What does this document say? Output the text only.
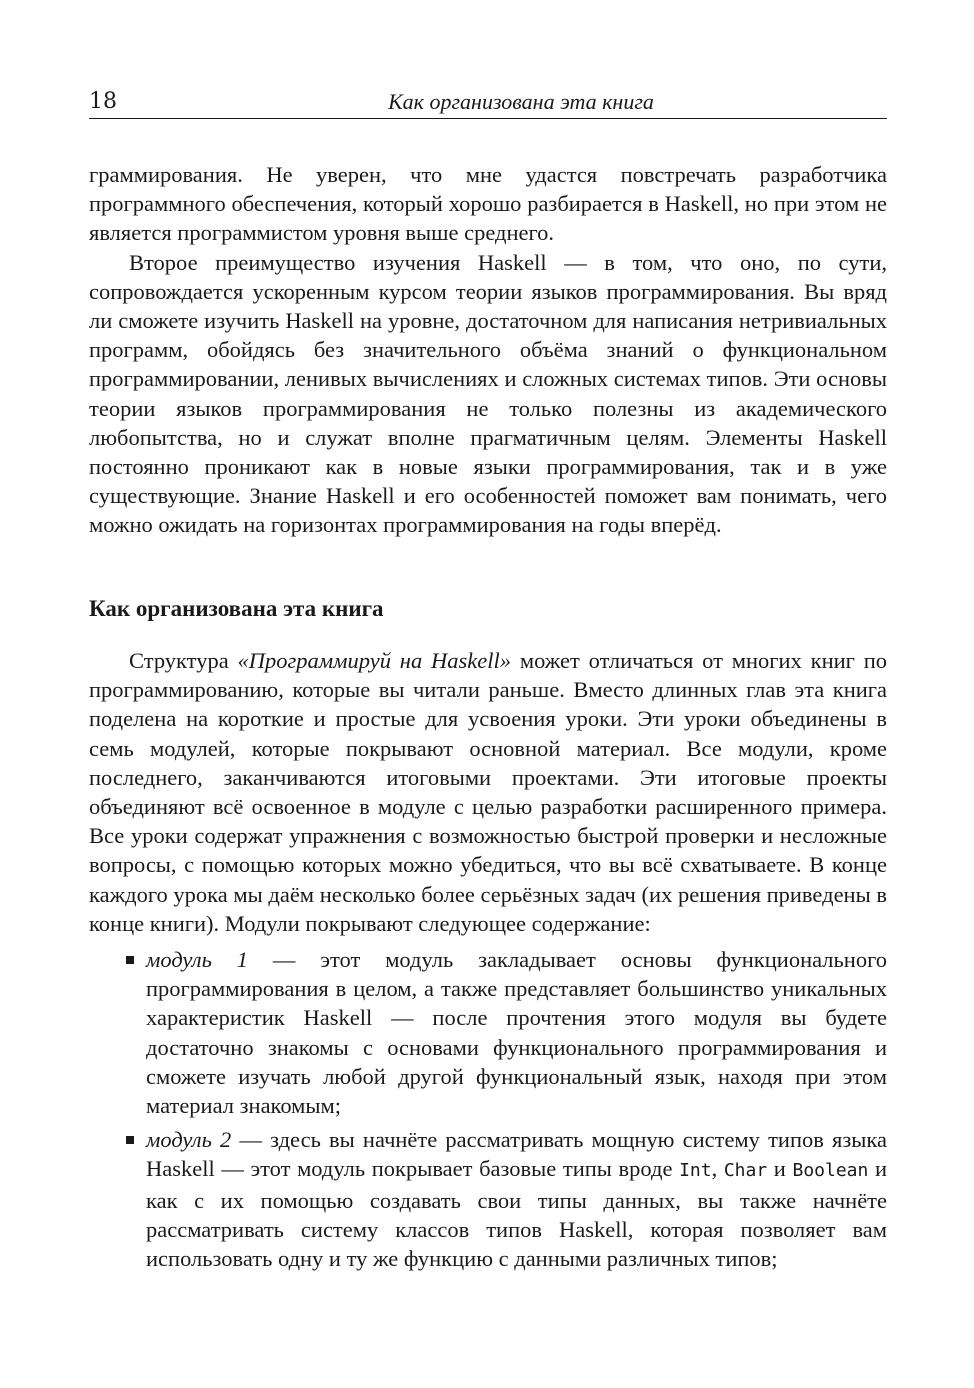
18	Как организована эта книга

граммирования. Не уверен, что мне удастся повстречать разработчика программного обеспечения, который хорошо разбирается в Haskell, но при этом не является программистом уровня выше среднего.

Второе преимущество изучения Haskell — в том, что оно, по сути, сопровождается ускоренным курсом теории языков программирования. Вы вряд ли сможете изучить Haskell на уровне, достаточном для написания нетривиальных программ, обойдясь без значительного объёма знаний о функциональном программировании, ленивых вычислениях и сложных системах типов. Эти основы теории языков программирования не только полезны из академического любопытства, но и служат вполне прагматичным целям. Элементы Haskell постоянно проникают как в новые языки программирования, так и в уже существующие. Знание Haskell и его особенностей поможет вам понимать, чего можно ожидать на горизонтах программирования на годы вперёд.

Как организована эта книга

Структура «Программируй на Haskell» может отличаться от многих книг по программированию, которые вы читали раньше. Вместо длинных глав эта книга поделена на короткие и простые для усвоения уроки. Эти уроки объединены в семь модулей, которые покрывают основной материал. Все модули, кроме последнего, заканчиваются итоговыми проектами. Эти итоговые проекты объединяют всё освоенное в модуле с целью разработки расширенного примера. Все уроки содержат упражнения с возможностью быстрой проверки и несложные вопросы, с помощью которых можно убедиться, что вы всё схватываете. В конце каждого урока мы даём несколько более серьёзных задач (их решения приведены в конце книги). Модули покрывают следующее содержание:

модуль 1 — этот модуль закладывает основы функционального программирования в целом, а также представляет большинство уникальных характеристик Haskell — после прочтения этого модуля вы будете достаточно знакомы с основами функционального программирования и сможете изучать любой другой функциональный язык, находя при этом материал знакомым;
модуль 2 — здесь вы начнёте рассматривать мощную систему типов языка Haskell — этот модуль покрывает базовые типы вроде Int, Char и Boolean и как с их помощью создавать свои типы данных, вы также начнёте рассматривать систему классов типов Haskell, которая позволяет вам использовать одну и ту же функцию с данными различных типов;
